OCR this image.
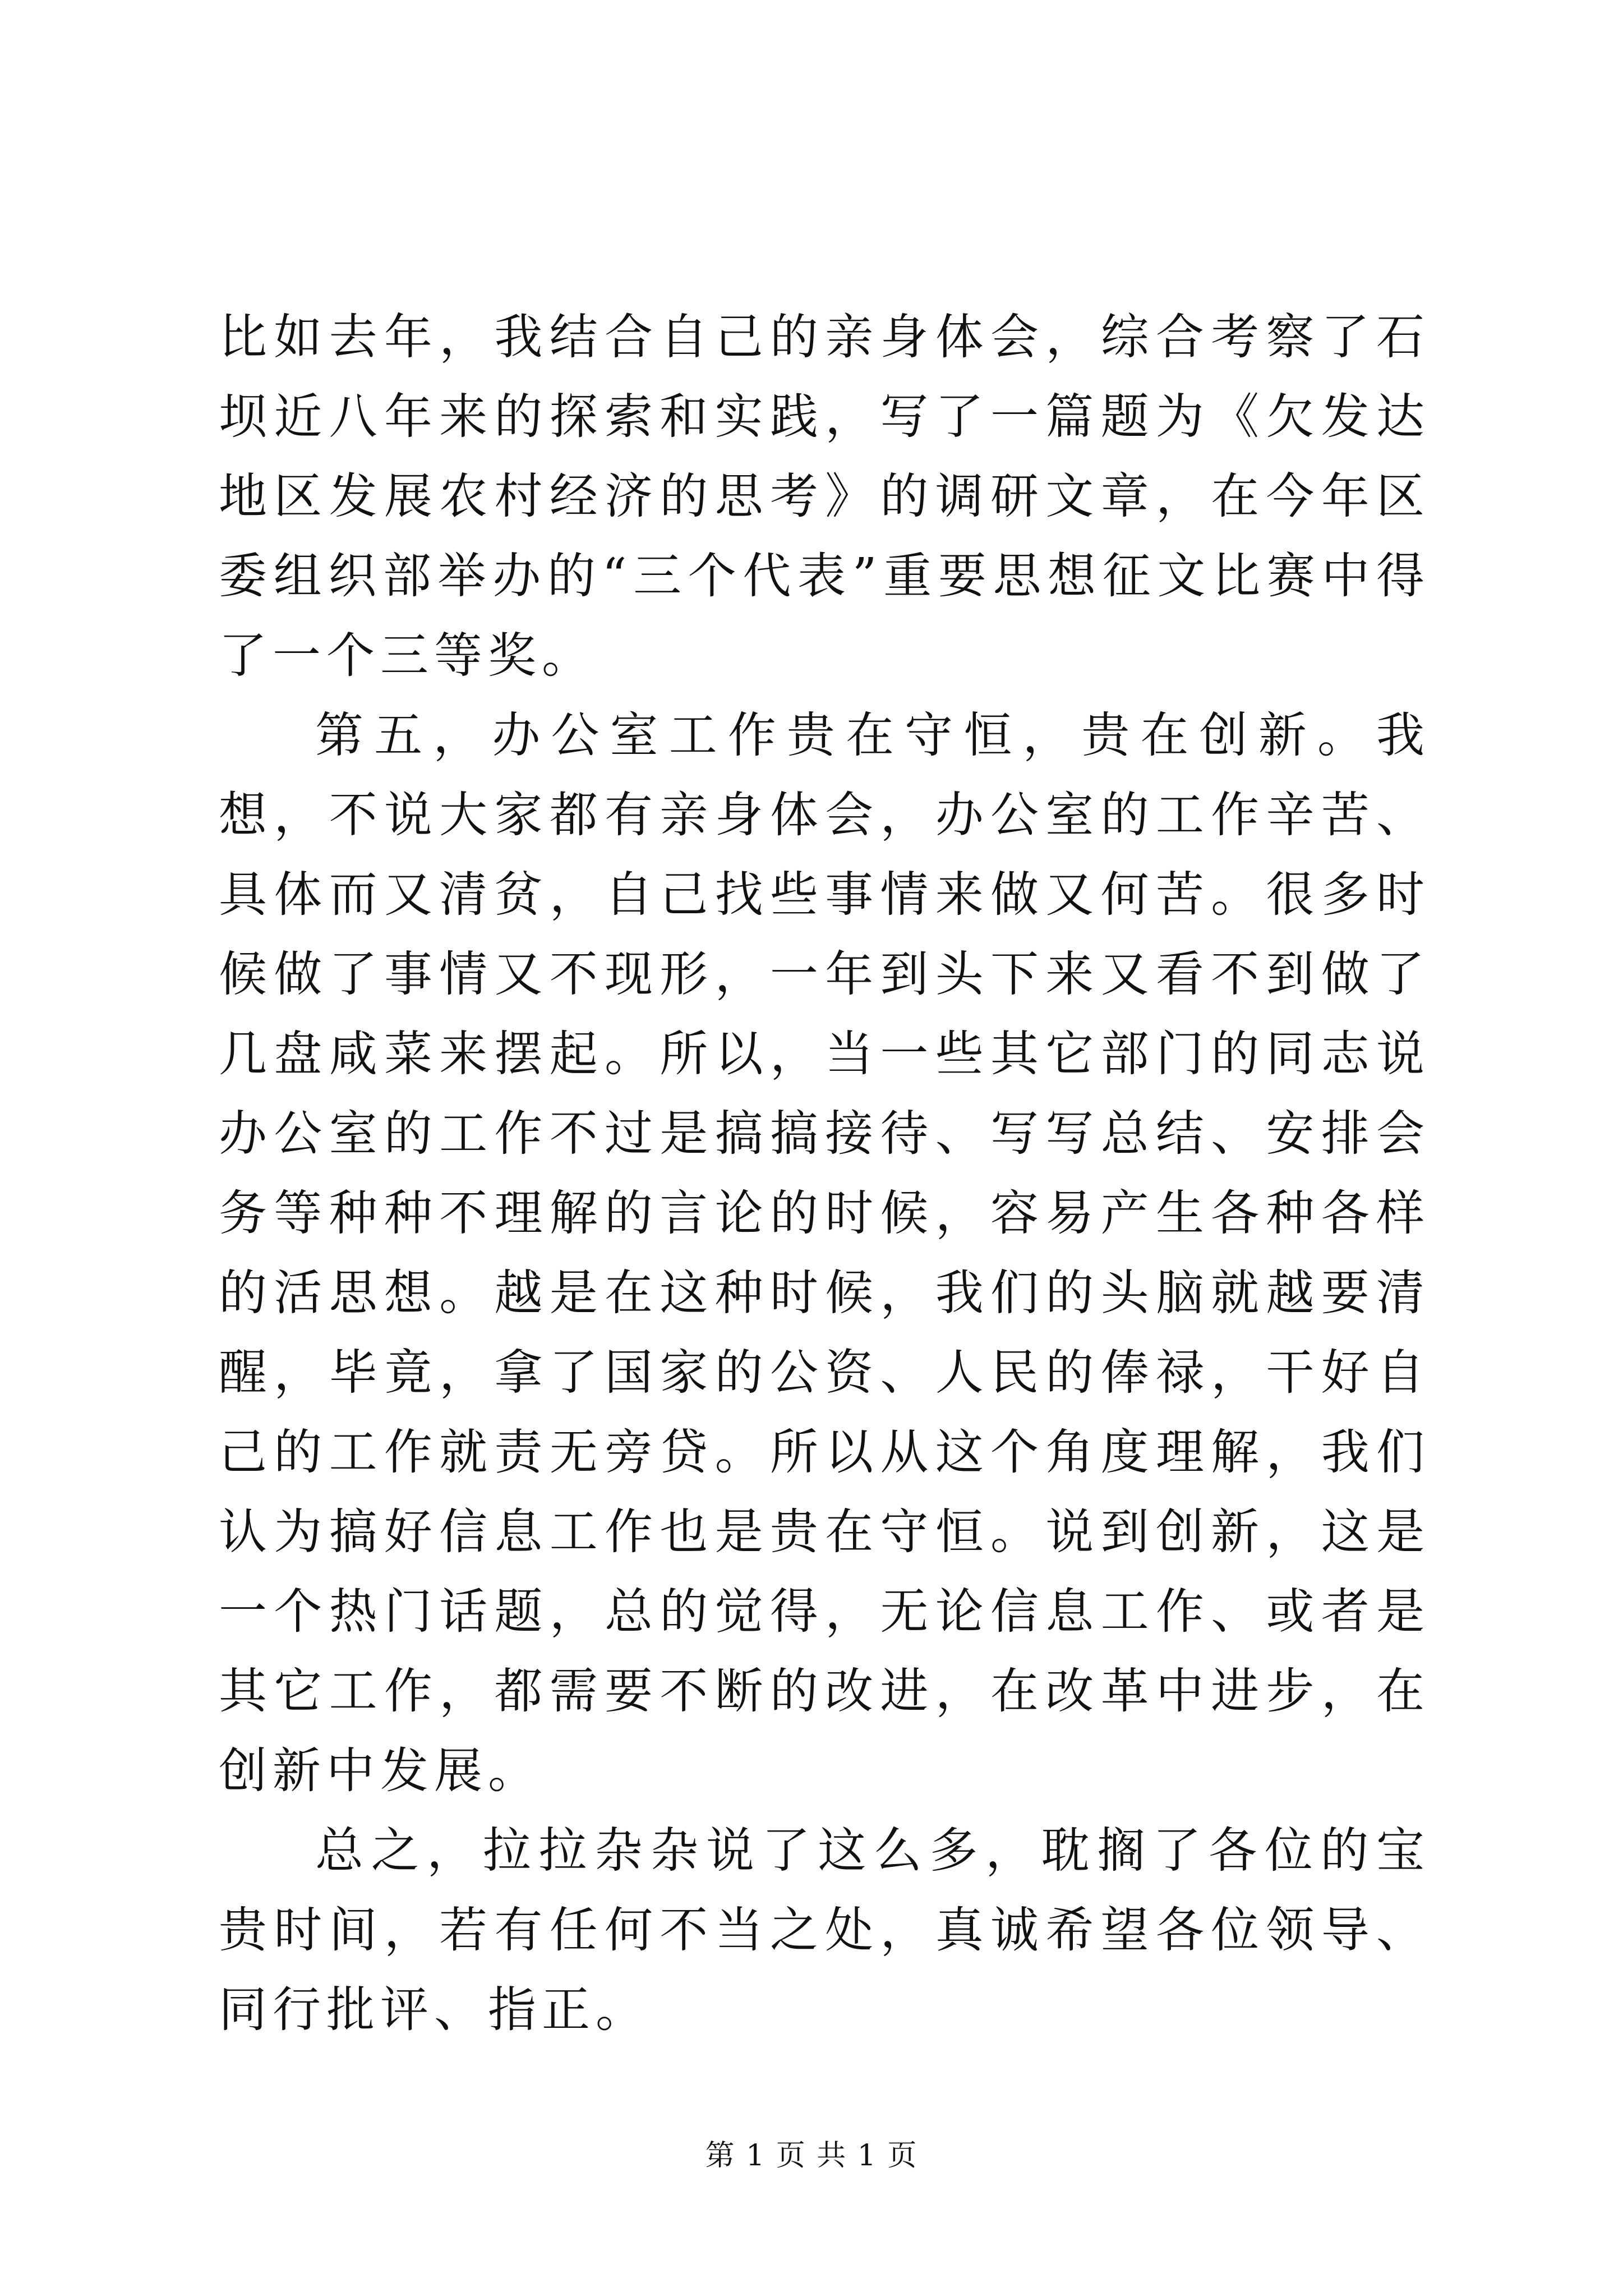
比如去年，我结合自己的亲身体会，综合考察了石坝近八年来的探索和实践，写了一篇题为《欠发达地区发展农村经济的思考》的调研文章，在今年区委组织部举办的“三个代表”重要思想征文比赛中得了一个三等奖。

第五，办公室工作贵在守恒，贵在创新。我想，不说大家都有亲身体会，办公室的工作辛苦、具体而又清贫，自己找些事情来做又何苦。很多时候做了事情又不现形，一年到头下来又看不到做了几盘咸菜来摆起。所以，当一些其它部门的同志说办公室的工作不过是搞搞接待、写写总结、安排会务等种种不理解的言论的时候，容易产生各种各样的活思想。越是在这种时候，我们的头脑就越要清醒，毕竟，拿了国家的公资、人民的俸禄，干好自己的工作就责无旁贷。所以从这个角度理解，我们认为搞好信息工作也是贵在守恒。说到创新，这是一个热门话题，总的觉得，无论信息工作、或者是其它工作，都需要不断的改进，在改革中进步，在创新中发展。

总之，拉拉杂杂说了这么多，耽搁了各位的宝贵时间，若有任何不当之处，真诚希望各位领导、同行批评、指正。

第 1 页 共 1 页
